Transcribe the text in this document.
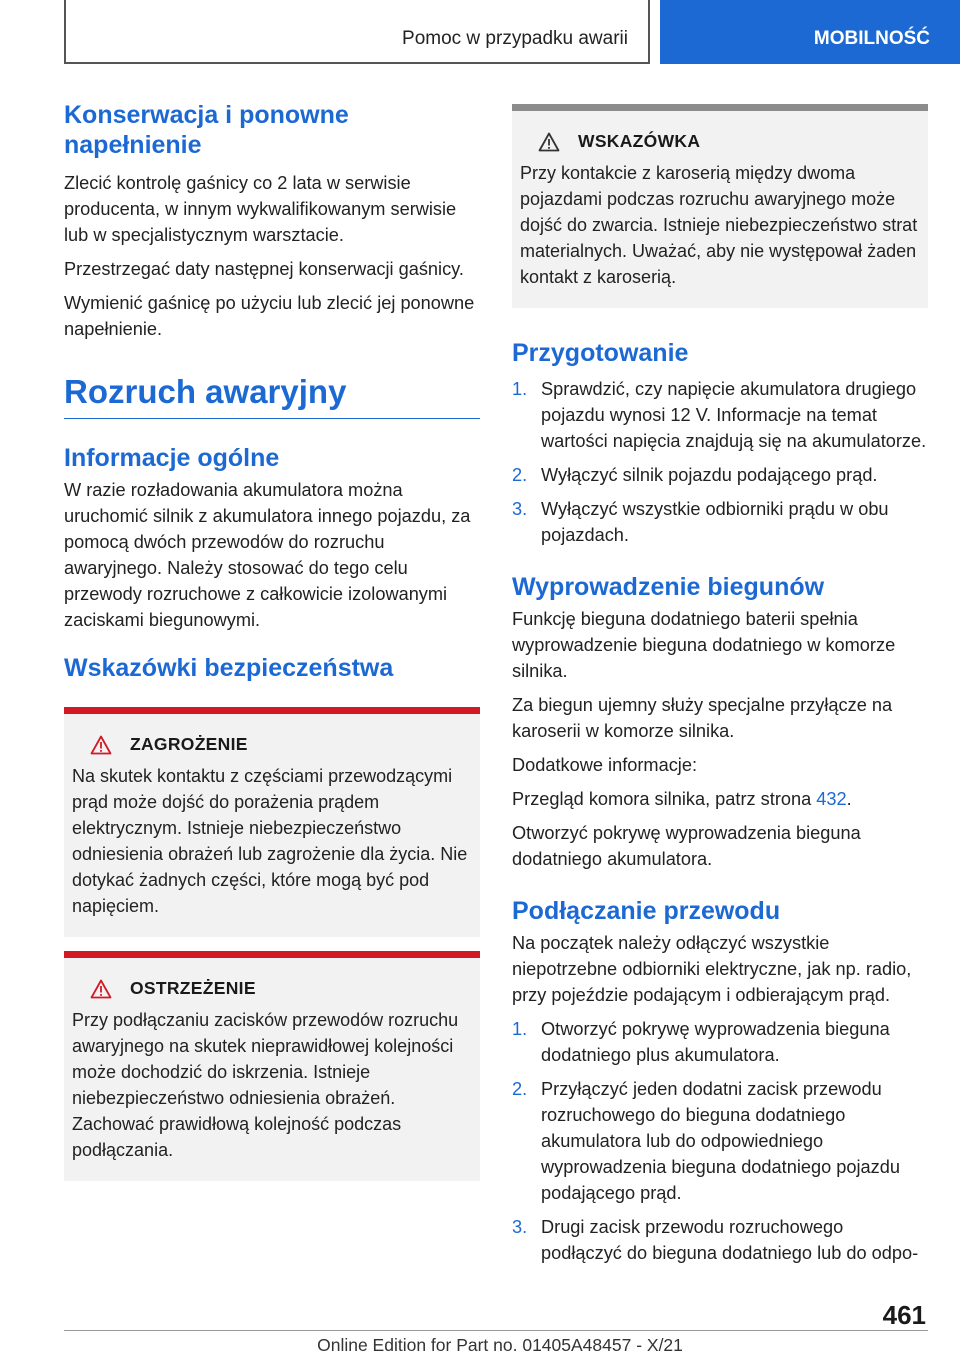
Pomoc w przypadku awarii	MOBILNOŚĆ
Konserwacja i ponowne napełnienie

Zlecić kontrolę gaśnicy co 2 lata w serwisie producenta, w innym wykwalifikowanym serwisie lub w specjalistycznym warsztacie.

Przestrzegać daty następnej konserwacji gaśnicy.

Wymienić gaśnicę po użyciu lub zlecić jej ponowne napełnienie.

Rozruch awaryjny
Informacje ogólne

W razie rozładowania akumulatora można uruchomić silnik z akumulatora innego pojazdu, za pomocą dwóch przewodów do rozruchu awaryjnego. Należy stosować do tego celu przewody rozruchowe z całkowicie izolowanymi zaciskami biegunowymi.

Wskazówki bezpieczeństwa
ZAGROŻENIE

Na skutek kontaktu z częściami przewodzącymi prąd może dojść do porażenia prądem elektrycznym. Istnieje niebezpieczeństwo odniesienia obrażeń lub zagrożenie dla życia. Nie dotykać żadnych części, które mogą być pod napięciem.

OSTRZEŻENIE

Przy podłączaniu zacisków przewodów rozruchu awaryjnego na skutek nieprawidłowej kolejności może dochodzić do iskrzenia. Istnieje niebezpieczeństwo odniesienia obrażeń. Zachować prawidłową kolejność podczas podłączania.

WSKAZÓWKA

Przy kontakcie z karoserią między dwoma pojazdami podczas rozruchu awaryjnego może dojść do zwarcia. Istnieje niebezpieczeństwo strat materialnych. Uważać, aby nie występował żaden kontakt z karoserią.

Przygotowanie
1. Sprawdzić, czy napięcie akumulatora drugiego pojazdu wynosi 12 V. Informacje na temat wartości napięcia znajdują się na akumulatorze.
2. Wyłączyć silnik pojazdu podającego prąd.
3. Wyłączyć wszystkie odbiorniki prądu w obu pojazdach.
Wyprowadzenie biegunów

Funkcję bieguna dodatniego baterii spełnia wyprowadzenie bieguna dodatniego w komorze silnika.

Za biegun ujemny służy specjalne przyłącze na karoserii w komorze silnika.

Dodatkowe informacje:

Przegląd komora silnika, patrz strona 432.

Otworzyć pokrywę wyprowadzenia bieguna dodatniego akumulatora.

Podłączanie przewodu

Na początek należy odłączyć wszystkie niepotrzebne odbiorniki elektryczne, jak np. radio, przy pojeździe podającym i odbierającym prąd.

1. Otworzyć pokrywę wyprowadzenia bieguna dodatniego plus akumulatora.
2. Przyłączyć jeden dodatni zacisk przewodu rozruchowego do bieguna dodatniego akumulatora lub do odpowiedniego wyprowadzenia bieguna dodatniego pojazdu podającego prąd.
3. Drugi zacisk przewodu rozruchowego podłączyć do bieguna dodatniego lub do odpo-
461
Online Edition for Part no. 01405A48457 - X/21
